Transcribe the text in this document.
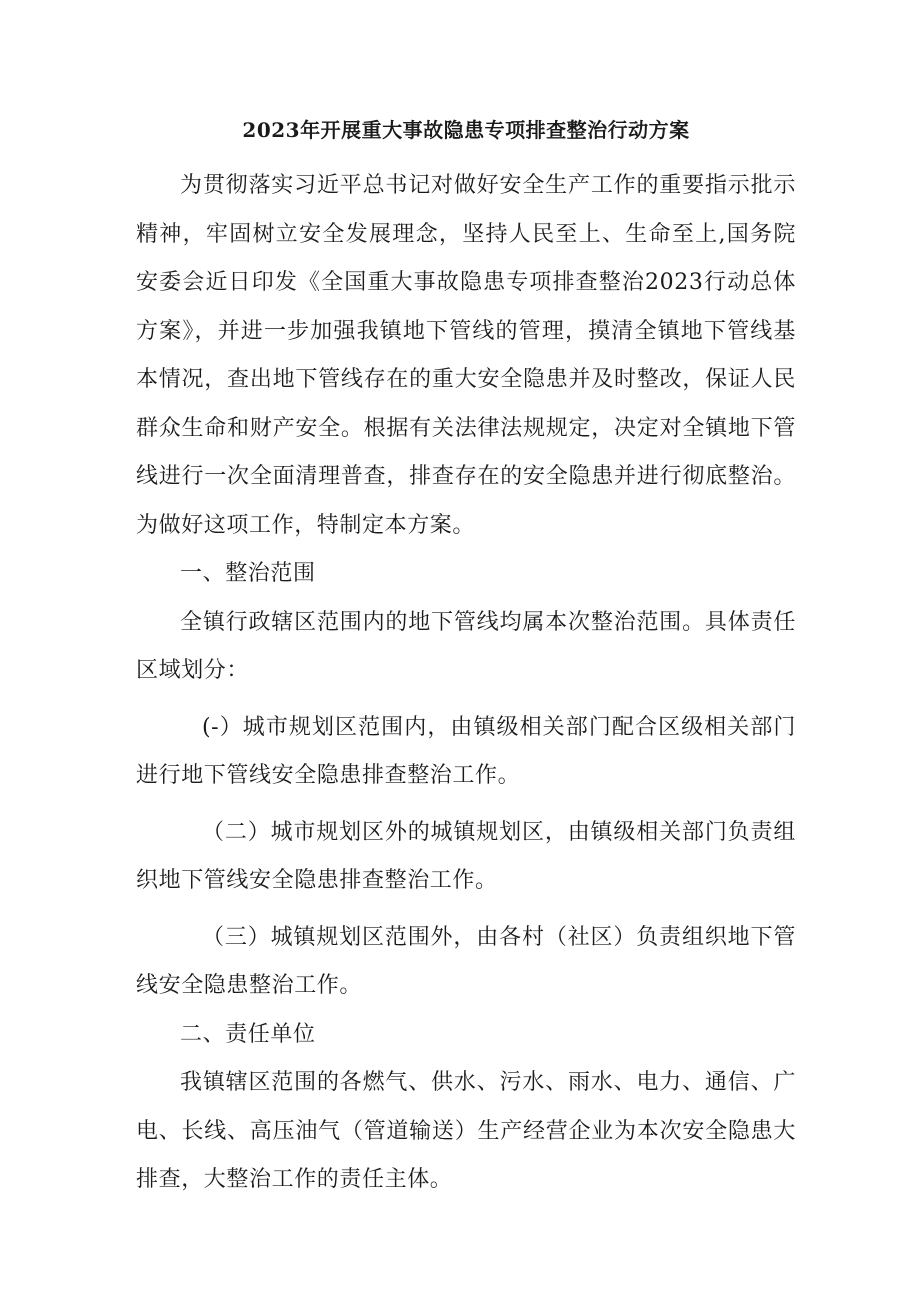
2023年开展重大事故隐患专项排查整治行动方案

为贯彻落实习近平总书记对做好安全生产工作的重要指示批示精神，牢固树立安全发展理念，坚持人民至上、生命至上,国务院安委会近日印发《全国重大事故隐患专项排查整治2023行动总体方案》，并进一步加强我镇地下管线的管理，摸清全镇地下管线基本情况，查出地下管线存在的重大安全隐患并及时整改，保证人民群众生命和财产安全。根据有关法律法规规定，决定对全镇地下管线进行一次全面清理普查，排查存在的安全隐患并进行彻底整治。为做好这项工作，特制定本方案。

一、整治范围

全镇行政辖区范围内的地下管线均属本次整治范围。具体责任区域划分：

(-）城市规划区范围内，由镇级相关部门配合区级相关部门进行地下管线安全隐患排查整治工作。

（二）城市规划区外的城镇规划区，由镇级相关部门负责组织地下管线安全隐患排查整治工作。

（三）城镇规划区范围外，由各村（社区）负责组织地下管线安全隐患整治工作。

二、责任单位

我镇辖区范围的各燃气、供水、污水、雨水、电力、通信、广电、长线、高压油气（管道输送）生产经营企业为本次安全隐患大排查，大整治工作的责任主体。
